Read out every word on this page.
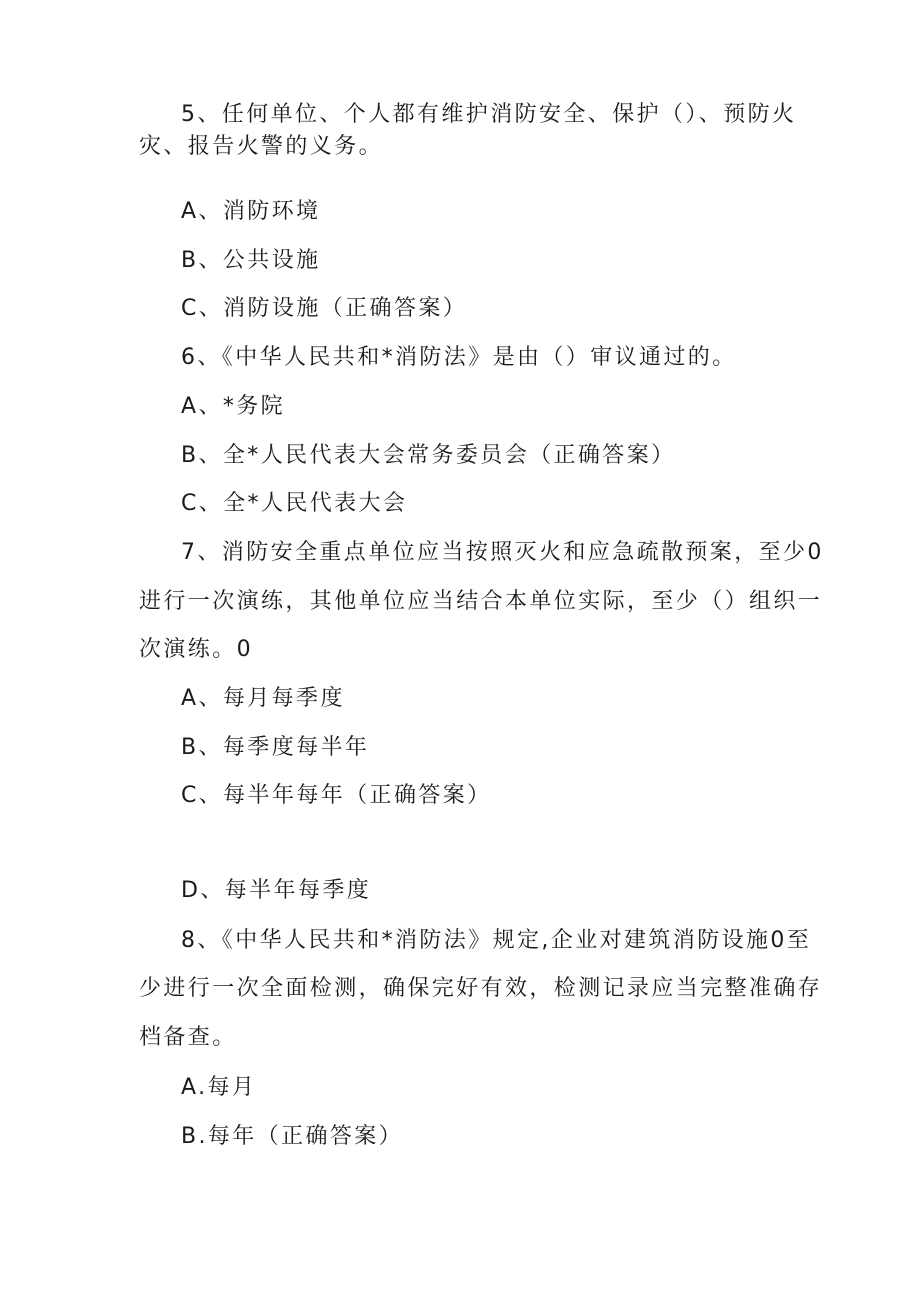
5、任何单位、个人都有维护消防安全、保护（）、预防火
灾、报告火警的义务。
A、消防环境
B、公共设施
C、消防设施（正确答案）
6、《中华人民共和*消防法》是由（）审议通过的。
A、*务院
B、全*人民代表大会常务委员会（正确答案）
C、全*人民代表大会
7、消防安全重点单位应当按照灭火和应急疏散预案，至少0
进行一次演练，其他单位应当结合本单位实际，至少（）组织一
次演练。0
A、每月每季度
B、每季度每半年
C、每半年每年（正确答案）
D、每半年每季度
8、《中华人民共和*消防法》规定,企业对建筑消防设施0至
少进行一次全面检测，确保完好有效，检测记录应当完整准确存
档备查。
A.每月
B.每年（正确答案）
